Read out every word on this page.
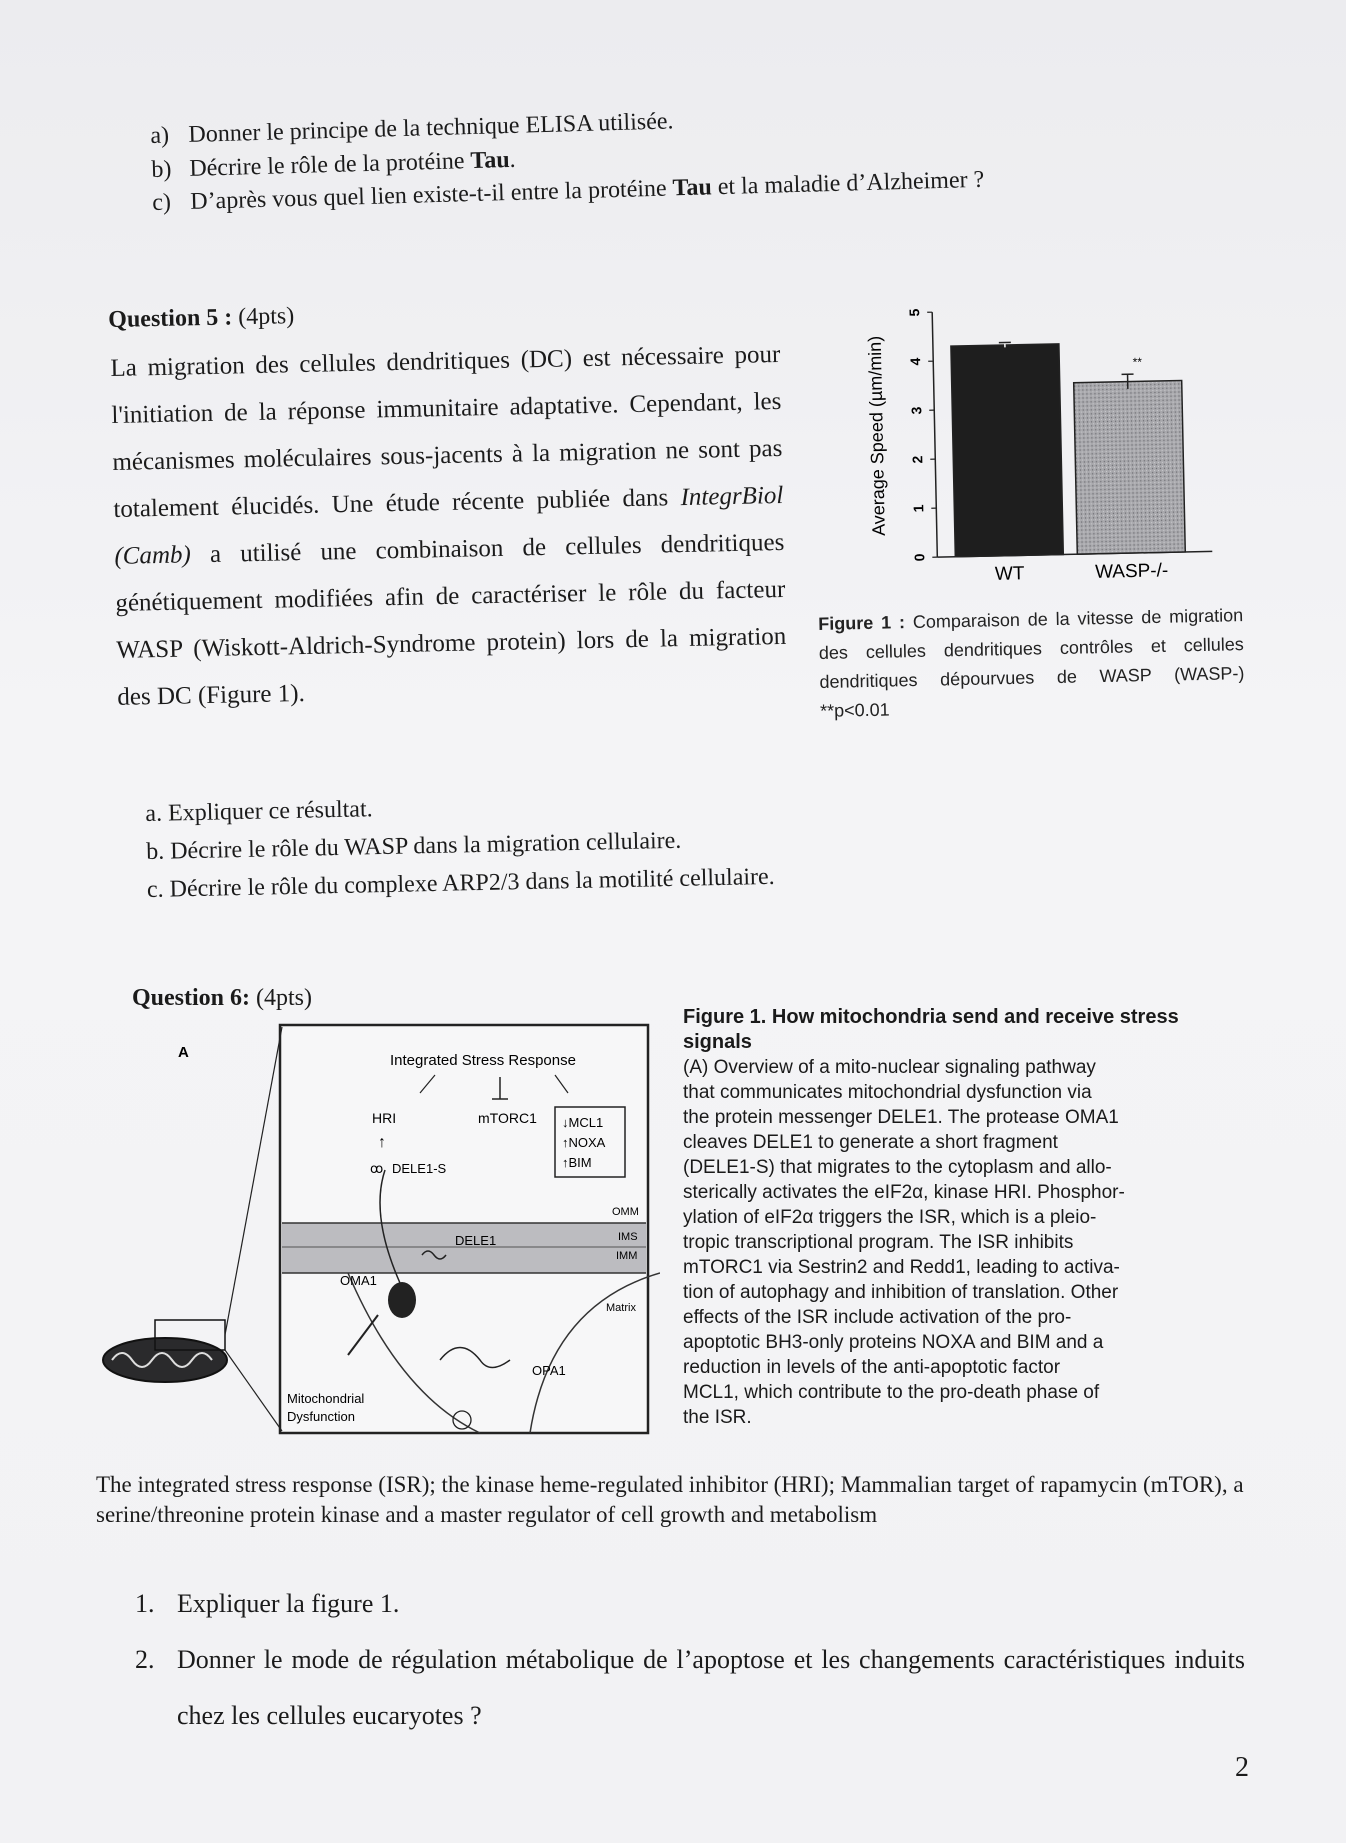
a) Donner le principe de la technique ELISA utilisée.
b) Décrire le rôle de la protéine Tau.
c) D’après vous quel lien existe-t-il entre la protéine Tau et la maladie d’Alzheimer ?
Question 5 : (4pts)
La migration des cellules dendritiques (DC) est nécessaire pour l'initiation de la réponse immunitaire adaptative. Cependant, les mécanismes moléculaires sous-jacents à la migration ne sont pas totalement élucidés. Une étude récente publiée dans IntegrBiol (Camb) a utilisé une combinaison de cellules dendritiques génétiquement modifiées afin de caractériser le rôle du facteur WASP (Wiskott-Aldrich-Syndrome protein) lors de la migration des DC (Figure 1).
0
1
2
3
4
5
Average Speed (µm/min)
WT
**
WASP-/-
Figure 1 : Comparaison de la vitesse de migration des cellules dendritiques contrôles et cellules dendritiques dépourvues de WASP (WASP-) **p<0.01
a. Expliquer ce résultat.
b. Décrire le rôle du WASP dans la migration cellulaire.
c. Décrire le rôle du complexe ARP2/3 dans la motilité cellulaire.
Question 6: (4pts)
A	Integrated Stress Response
HRI	mTORC1
↑
↓MCL1
↑NOXA
↑BIM
DELE1-S
ꝏ
OMM
IMS
IMM
Matrix
DELE1
OMA1
OPA1
Mitochondrial
Dysfunction
Figure 1. How mitochondria send and receive stress signals
(A) Overview of a mito-nuclear signaling pathway
that communicates mitochondrial dysfunction via
the protein messenger DELE1. The protease OMA1
cleaves DELE1 to generate a short fragment
(DELE1-S) that migrates to the cytoplasm and allo-
sterically activates the eIF2α, kinase HRI. Phosphor-
ylation of eIF2α triggers the ISR, which is a pleio-
tropic transcriptional program. The ISR inhibits
mTORC1 via Sestrin2 and Redd1, leading to activa-
tion of autophagy and inhibition of translation. Other
effects of the ISR include activation of the pro-
apoptotic BH3-only proteins NOXA and BIM and a
reduction in levels of the anti-apoptotic factor
MCL1, which contribute to the pro-death phase of
the ISR.
The integrated stress response (ISR); the kinase heme-regulated inhibitor (HRI); Mammalian target of rapamycin (mTOR), a serine/threonine protein kinase and a master regulator of cell growth and metabolism
1. Expliquer la figure 1.
2. Donner le mode de régulation métabolique de l’apoptose et les changements caractéristiques induits chez les cellules eucaryotes ?
2
